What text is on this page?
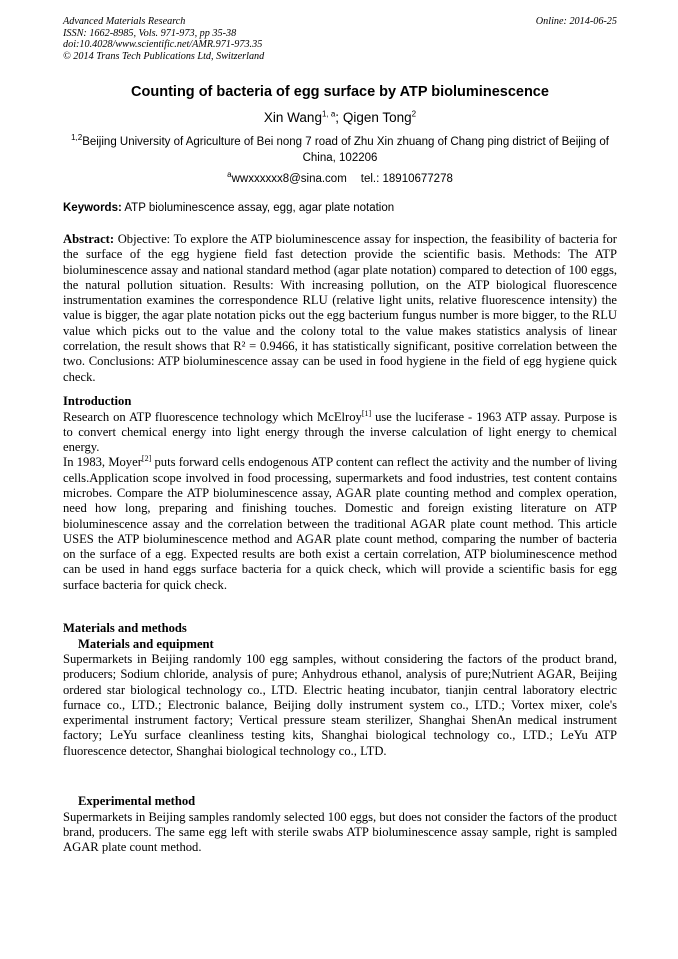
Advanced Materials Research
ISSN: 1662-8985, Vols. 971-973, pp 35-38
doi:10.4028/www.scientific.net/AMR.971-973.35
© 2014 Trans Tech Publications Ltd, Switzerland
Online: 2014-06-25
Counting of bacteria of egg surface by ATP bioluminescence
Xin Wang$^{1, a}$; Qigen Tong$^2$
$^{1,2}$Beijing University of Agriculture of Bei nong 7 road of Zhu Xin zhuang of Chang ping district of Beijing of China, 102206
$^a$wwxxxxxx8@sina.com tel.: 18910677278
Keywords: ATP bioluminescence assay, egg, agar plate notation

Abstract: Objective: To explore the ATP bioluminescence assay for inspection, the feasibility of bacteria for the surface of the egg hygiene field fast detection provide the scientific basis. Methods: The ATP bioluminescence assay and national standard method (agar plate notation) compared to detection of 100 eggs, the natural pollution situation. Results: With increasing pollution, on the ATP biological fluorescence instrumentation examines the correspondence RLU (relative light units, relative fluorescence intensity) the value is bigger, the agar plate notation picks out the egg bacterium fungus number is more bigger, to the RLU value which picks out to the value and the colony total to the value makes statistics analysis of linear correlation, the result shows that R² = 0.9466, it has statistically significant, positive correlation between the two. Conclusions: ATP bioluminescence assay can be used in food hygiene in the field of egg hygiene quick check.

Introduction

Research on ATP fluorescence technology which McElroy[1] use the luciferase - 1963 ATP assay. Purpose is to convert chemical energy into light energy through the inverse calculation of light energy to chemical energy.

In 1983, Moyer[2] puts forward cells endogenous ATP content can reflect the activity and the number of living cells.Application scope involved in food processing, supermarkets and food industries, test content contains microbes. Compare the ATP bioluminescence assay, AGAR plate counting method and complex operation, need how long, preparing and finishing touches. Domestic and foreign existing literature on ATP bioluminescence assay and the correlation between the traditional AGAR plate count method. This article USES the ATP bioluminescence method and AGAR plate count method, comparing the number of bacteria on the surface of a egg. Expected results are both exist a certain correlation, ATP bioluminescence method can be used in hand eggs surface bacteria for a quick check, which will provide a scientific basis for egg surface bacteria for quick check.

Materials and methods
Materials and equipment

Supermarkets in Beijing randomly 100 egg samples, without considering the factors of the product brand, producers; Sodium chloride, analysis of pure; Anhydrous ethanol, analysis of pure;Nutrient AGAR, Beijing ordered star biological technology co., LTD. Electric heating incubator, tianjin central laboratory electric furnace co., LTD.; Electronic balance, Beijing dolly instrument system co., LTD.; Vortex mixer, cole's experimental instrument factory; Vertical pressure steam sterilizer, Shanghai ShenAn medical instrument factory; LeYu surface cleanliness testing kits, Shanghai biological technology co., LTD.; LeYu ATP fluorescence detector, Shanghai biological technology co., LTD.

Experimental method

Supermarkets in Beijing samples randomly selected 100 eggs, but does not consider the factors of the product brand, producers. The same egg left with sterile swabs ATP bioluminescence assay sample, right is sampled AGAR plate count method.
